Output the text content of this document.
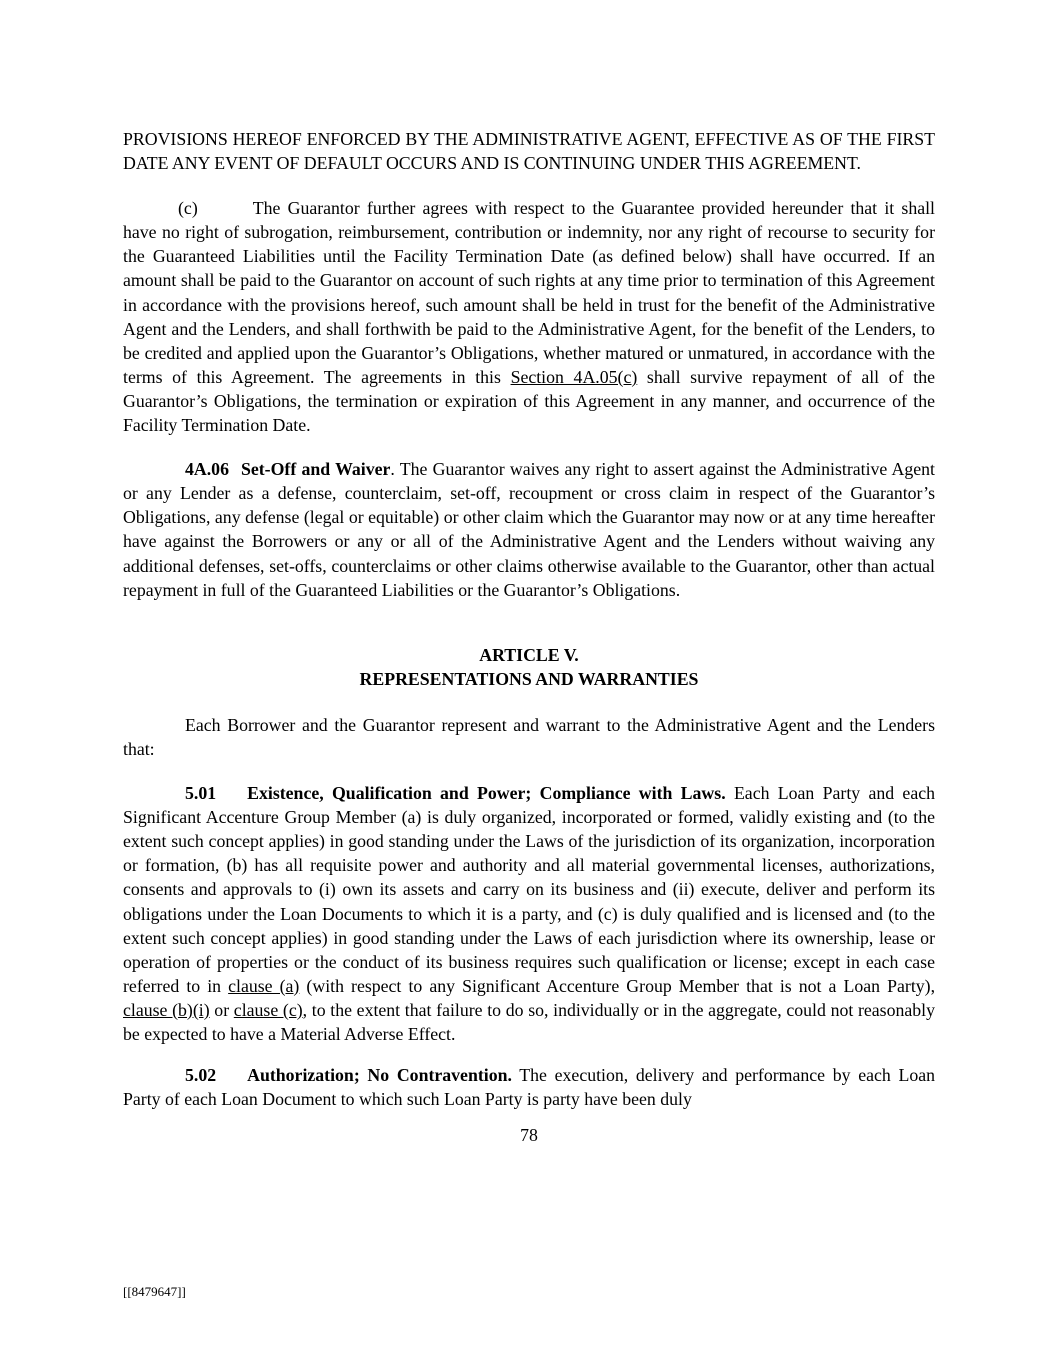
PROVISIONS HEREOF ENFORCED BY THE ADMINISTRATIVE AGENT, EFFECTIVE AS OF THE FIRST DATE ANY EVENT OF DEFAULT OCCURS AND IS CONTINUING UNDER THIS AGREEMENT.

(c)	The Guarantor further agrees with respect to the Guarantee provided hereunder that it shall have no right of subrogation, reimbursement, contribution or indemnity, nor any right of recourse to security for the Guaranteed Liabilities until the Facility Termination Date (as defined below) shall have occurred. If an amount shall be paid to the Guarantor on account of such rights at any time prior to termination of this Agreement in accordance with the provisions hereof, such amount shall be held in trust for the benefit of the Administrative Agent and the Lenders, and shall forthwith be paid to the Administrative Agent, for the benefit of the Lenders, to be credited and applied upon the Guarantor’s Obligations, whether matured or unmatured, in accordance with the terms of this Agreement. The agreements in this Section 4A.05(c) shall survive repayment of all of the Guarantor’s Obligations, the termination or expiration of this Agreement in any manner, and occurrence of the Facility Termination Date.

4A.06 Set-Off and Waiver. The Guarantor waives any right to assert against the Administrative Agent or any Lender as a defense, counterclaim, set-off, recoupment or cross claim in respect of the Guarantor’s Obligations, any defense (legal or equitable) or other claim which the Guarantor may now or at any time hereafter have against the Borrowers or any or all of the Administrative Agent and the Lenders without waiving any additional defenses, set-offs, counterclaims or other claims otherwise available to the Guarantor, other than actual repayment in full of the Guaranteed Liabilities or the Guarantor’s Obligations.

ARTICLE V.

REPRESENTATIONS AND WARRANTIES

Each Borrower and the Guarantor represent and warrant to the Administrative Agent and the Lenders that:

5.01 Existence, Qualification and Power; Compliance with Laws. Each Loan Party and each Significant Accenture Group Member (a) is duly organized, incorporated or formed, validly existing and (to the extent such concept applies) in good standing under the Laws of the jurisdiction of its organization, incorporation or formation, (b) has all requisite power and authority and all material governmental licenses, authorizations, consents and approvals to (i) own its assets and carry on its business and (ii) execute, deliver and perform its obligations under the Loan Documents to which it is a party, and (c) is duly qualified and is licensed and (to the extent such concept applies) in good standing under the Laws of each jurisdiction where its ownership, lease or operation of properties or the conduct of its business requires such qualification or license; except in each case referred to in clause (a) (with respect to any Significant Accenture Group Member that is not a Loan Party), clause (b)(i) or clause (c), to the extent that failure to do so, individually or in the aggregate, could not reasonably be expected to have a Material Adverse Effect.

5.02 Authorization; No Contravention. The execution, delivery and performance by each Loan Party of each Loan Document to which such Loan Party is party have been duly

78
[[8479647]]
